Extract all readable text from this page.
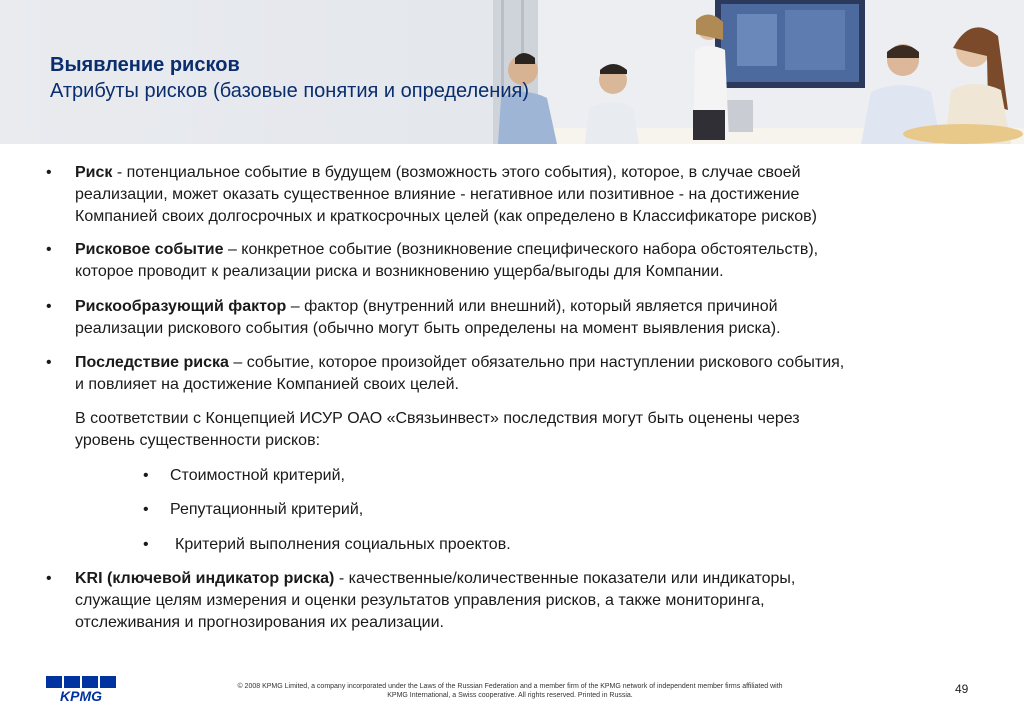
Выявление рисков
Атрибуты рисков (базовые понятия и определения)
• Риск - потенциальное событие в будущем (возможность этого события), которое, в случае своей
реализации, может оказать существенное влияние - негативное или позитивное - на достижение
Компанией своих долгосрочных и краткосрочных целей (как определено в Классификаторе рисков)
• Рисковое событие – конкретное событие (возникновение специфического набора обстоятельств),
которое проводит к реализации риска и возникновению ущерба/выгоды для Компании.
• Рискообразующий фактор – фактор (внутренний или внешний), который является причиной
реализации рискового события (обычно могут быть определены на момент выявления риска).
• Последствие риска – событие, которое произойдет обязательно при наступлении рискового события,
и повлияет на достижение Компанией своих целей.
В соответствии с Концепцией ИСУР ОАО «Связьинвест» последствия могут быть оценены через
уровень существенности рисков:
• Стоимостной критерий,
• Репутационный критерий,
• Критерий выполнения социальных проектов.
• KRI (ключевой индикатор риска) - качественные/количественные показатели или индикаторы,
служащие целям измерения и оценки результатов управления рисков, а также мониторинга,
отслеживания и прогнозирования их реализации.
KPMG
© 2008 KPMG Limited, a company incorporated under the Laws of the Russian Federation and a member firm of the KPMG network of independent member firms affiliated with
KPMG International, a Swiss cooperative. All rights reserved. Printed in Russia.	49
